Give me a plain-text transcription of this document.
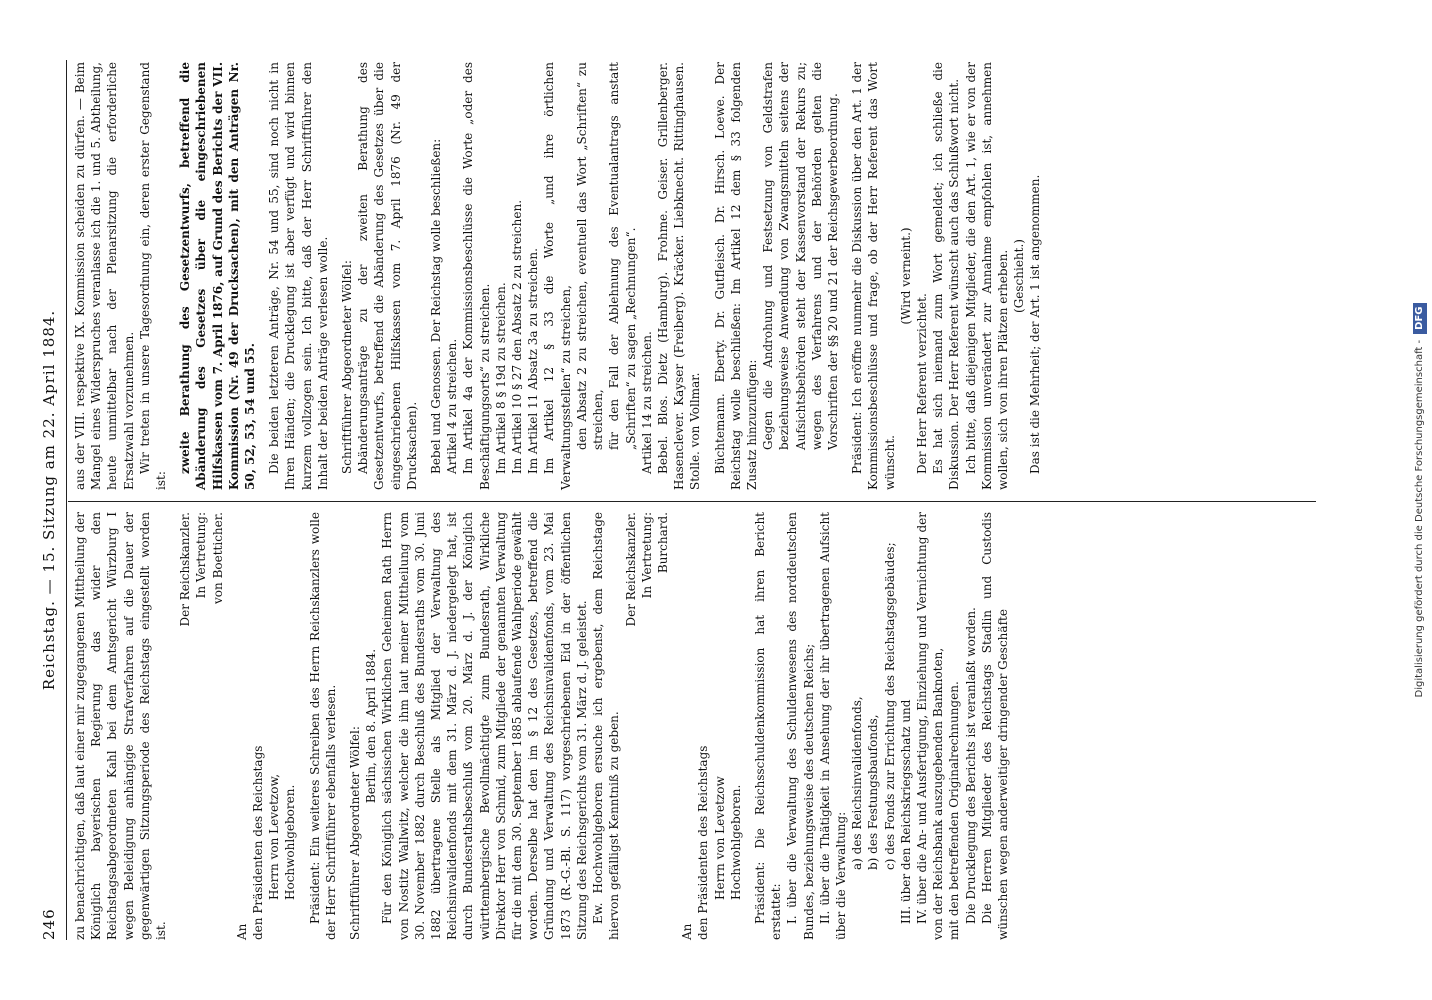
246
Reichstag. — 15. Sitzung am 22. April 1884.

zu benachrichtigen, daß laut einer mir zugegangenen Mittheilung der Königlich bayerischen Regierung das wider den Reichstagsabgeordneten Kahl bei dem Amtsgericht Würzburg I wegen Beleidigung anhängige Strafverfahren auf die Dauer der gegenwärtigen Sitzungsperiode des Reichstags eingestellt worden ist.

Der Reichskanzler. In Vertretung: von Boetticher.

An den Präsidenten des Reichstags Herrn von Levetzow, Hochwohlgeboren. Präsident: Ein weiteres Schreiben des Herrn Reichskanzlers wolle der Herr Schriftführer ebenfalls verlesen. Schriftführer Abgeordneter Wölfel:

Berlin, den 8. April 1884. Für den Königlich sächsischen Wirklichen Geheimen Rath Herrn von Nostitz Wallwitz, welcher die ihm laut meiner Mittheilung vom 30. November 1882 durch Beschluß des Bundesraths vom 30. Juni 1882 übertragene Stelle als Mitglied der Verwaltung des Reichsinvalidenfonds mit dem 31. März d. J. niedergelegt hat, ist durch Bundesrathsbeschluß vom 20. März d. J. der Königlich württembergische Bevollmächtigte zum Bundesrath, Wirkliche Direktor Herr von Schmid, zum Mitgliede der genannten Verwaltung für die mit dem 30. September 1885 ablaufende Wahlperiode gewählt worden. Derselbe hat den im § 12 des Gesetzes, betreffend die Gründung und Verwaltung des Reichsinvalidenfonds, vom 23. Mai 1873 (R.-G.-Bl. S. 117) vorgeschriebenen Eid in der öffentlichen Sitzung des Reichsgerichts vom 31. März d. J. geleistet. Ew. Hochwohlgeboren ersuche ich ergebenst, dem Reichstage hiervon gefälligst Kenntniß zu geben.

Der Reichskanzler. In Vertretung: Burchard.

An den Präsidenten des Reichstags Herrn von Levetzow Hochwohlgeboren. Präsident: Die Reichsschuldenkommission hat ihren Bericht erstattet: I. über die Verwaltung des Schuldenwesens des norddeutschen Bundes, beziehungsweise des deutschen Reichs; II. über die Thätigkeit in Ansehung der ihr übertragenen Aufsicht über die Verwaltung:

a) des Reichsinvalidenfonds, b) des Festungsbaufonds, c) des Fonds zur Errichtung des Reichstagsgebäudes; III. über den Reichskriegsschatz und IV. über die An- und Ausfertigung, Einziehung und Vernichtung der von der Reichsbank auszugebenden Banknoten, mit den betreffenden Originalrechnungen. Die Drucklegung des Berichts ist veranlaßt worden. Die Herren Mitglieder des Reichstags Stadlin und Custodis wünschen wegen anderweitiger dringender Geschäfte

aus der VIII. respektive IX. Kommission scheiden zu dürfen. — Beim Mangel eines Widerspruches veranlasse ich die 1. und 5. Abtheilung, heute unmittelbar nach der Plenarsitzung die erforderliche Ersatzwahl vorzunehmen. Wir treten in unsere Tagesordnung ein, deren erster Gegenstand ist:

zweite Berathung des Gesetzentwurfs, betreffend die Abänderung des Gesetzes über die eingeschriebenen Hilfskassen vom 7. April 1876, auf Grund des Berichts der VII. Kommission (Nr. 49 der Drucksachen), mit den Anträgen Nr. 50, 52, 53, 54 und 55. Die beiden letzteren Anträge, Nr. 54 und 55, sind noch nicht in Ihren Händen; die Drucklegung ist aber verfügt und wird binnen kurzem vollzogen sein. Ich bitte, daß der Herr Schriftführer den Inhalt der beiden Anträge verlesen wolle. Schriftführer Abgeordneter Wölfel: Abänderungsanträge zu der zweiten Berathung des Gesetzentwurfs, betreffend die Abänderung des Gesetzes über die eingeschriebenen Hilfskassen vom 7. April 1876 (Nr. 49 der Drucksachen). Bebel und Genossen. Der Reichstag wolle beschließen: Artikel 4 zu streichen. Im Artikel 4a der Kommissionsbeschlüsse die Worte „oder des Beschäftigungsorts“ zu streichen. Im Artikel 8 § 19d zu streichen. Im Artikel 10 § 27 den Absatz 2 zu streichen. Im Artikel 11 Absatz 3a zu streichen. Im Artikel 12 § 33 die Worte „und ihre örtlichen Verwaltungsstellen“ zu streichen, den Absatz 2 zu streichen, eventuell das Wort „Schriften“ zu streichen, für den Fall der Ablehnung des Eventualantrags anstatt „Schriften“ zu sagen „Rechnungen“. Artikel 14 zu streichen. Bebel. Blos. Dietz (Hamburg). Frohme. Geiser. Grillenberger. Hasenclever. Kayser (Freiberg). Kräcker. Liebknecht. Rittinghausen. Stolle. von Vollmar. Büchtemann. Eberty. Dr. Gutfleisch. Dr. Hirsch. Loewe. Der Reichstag wolle beschließen: Im Artikel 12 dem § 33 folgenden Zusatz hinzuzufügen: Gegen die Androhung und Festsetzung von Geldstrafen beziehungsweise Anwendung von Zwangsmitteln seitens der Aufsichtsbehörden steht der Kassenvorstand der Rekurs zu; wegen des Verfahrens und der Behörden gelten die Vorschriften der §§ 20 und 21 der Reichsgewerbeordnung. Präsident: Ich eröffne nunmehr die Diskussion über den Art. 1 der Kommissionsbeschlüsse und frage, ob der Herr Referent das Wort wünscht.

(Wird verneint.)

Der Herr Referent verzichtet. Es hat sich niemand zum Wort gemeldet; ich schließe die Diskussion. Der Herr Referent wünscht auch das Schlußwort nicht. Ich bitte, daß diejenigen Mitglieder, die den Art. 1, wie er von der Kommission unverändert zur Annahme empfohlen ist, annehmen wollen, sich von ihren Plätzen erheben. (Geschieht.) Das ist die Mehrheit; der Art. 1 ist angenommen.

Digitalisierung gefördert durch die Deutsche Forschungsgemeinschaft -DFG
